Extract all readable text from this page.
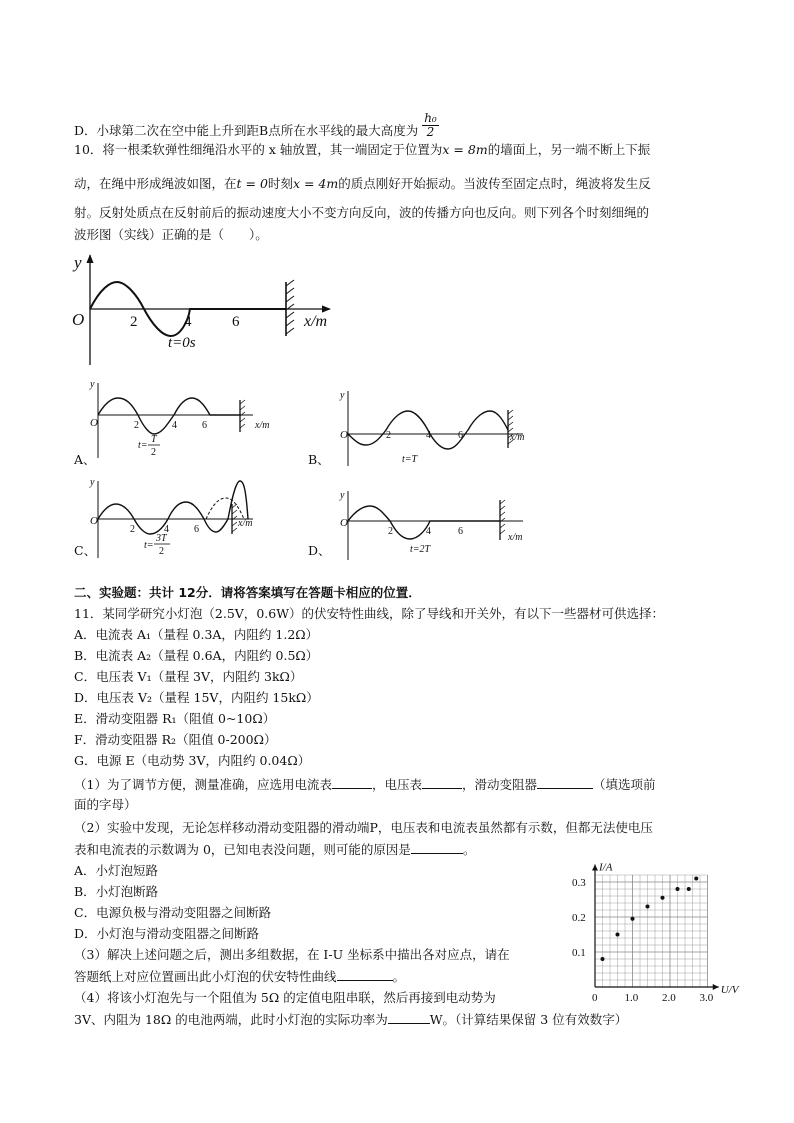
D．小球第二次在空中能上升到距B点所在水平线的最大高度为 $\frac{\text{h₀}}{2}$
10．将一根柔软弹性细绳沿水平的 x 轴放置，其一端固定于位置为x = 8m的墙面上，另一端不断上下振
动，在绳中形成绳波如图，在t = 0时刻x = 4m的质点刚好开始振动。当波传至固定点时，绳波将发生反
射。反射处质点在反射前后的振动速度大小不变方向反向，波的传播方向也反向。则下列各个时刻细绳的
波形图（实线）正确的是（　　）。
y
O	2	4	6	x/m
t=0s
y
O	2	4	6	x/m
t=
T
2
A、
y
O	2	4	6	x/m
t=T
B、
y
O
2	4	6
x/m
t=
3T
2
C、
y
O
2	4	6
x/m
t=2T
D、
二、实验题：共计 12分．请将答案填写在答题卡相应的位置．
11．某同学研究小灯泡（2.5V，0.6W）的伏安特性曲线，除了导线和开关外，有以下一些器材可供选择：
A．电流表 A₁（量程 0.3A，内阻约 1.2Ω）
B．电流表 A₂（量程 0.6A，内阻约 0.5Ω）
C．电压表 V₁（量程 3V，内阻约 3kΩ）
D．电压表 V₂（量程 15V，内阻约 15kΩ）
E．滑动变阻器 R₁（阻值 0~10Ω）
F．滑动变阻器 R₂（阻值 0-200Ω）
G．电源 E（电动势 3V，内阻约 0.04Ω）
（1）为了调节方便，测量准确，应选用电流表	，电压表	，滑动变阻器	（填选项前
面的字母）
（2）实验中发现，无论怎样移动滑动变阻器的滑动端P，电压表和电流表虽然都有示数，但都无法使电压
表和电流表的示数调为 0，已知电表没问题，则可能的原因是	。
A．小灯泡短路
B．小灯泡断路
C．电源负极与滑动变阻器之间断路
D．小灯泡与滑动变阻器之间断路
（3）解决上述问题之后，测出多组数据，在 I-U 坐标系中描出各对应点，请在
答题纸上对应位置画出此小灯泡的伏安特性曲线	。
（4）将该小灯泡先与一个阻值为 5Ω 的定值电阻串联，然后再接到电动势为
3V、内阻为 18Ω 的电池两端，此时小灯泡的实际功率为	W。（计算结果保留 3 位有效数字）
0 1.0 2.0 3.0
0.1
0.2
0.3
U/V
I/A
